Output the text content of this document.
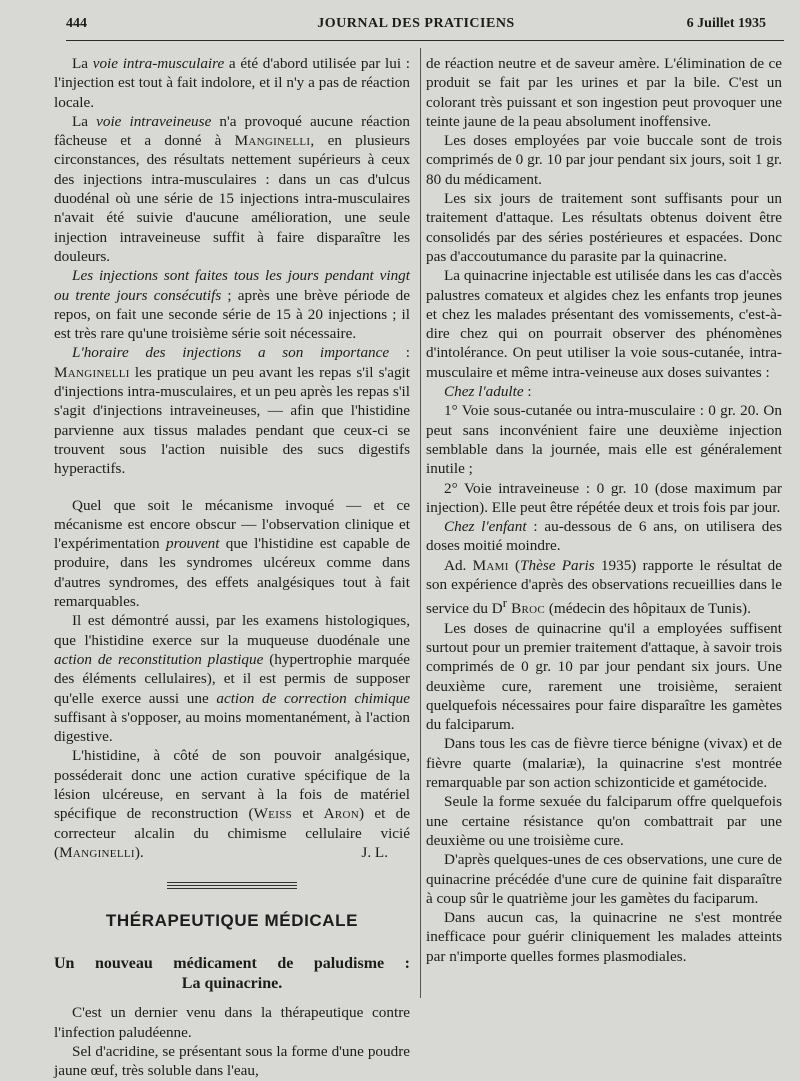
444	JOURNAL DES PRATICIENS	6 Juillet 1935

La voie intra-musculaire a été d'abord utilisée par lui : l'injection est tout à fait indolore, et il n'y a pas de réaction locale.

La voie intraveineuse n'a provoqué aucune réaction fâcheuse et a donné à Manginelli, en plusieurs circonstances, des résultats nettement supérieurs à ceux des injections intra-musculaires : dans un cas d'ulcus duodénal où une série de 15 injections intra-musculaires n'avait été suivie d'aucune amélioration, une seule injection intraveineuse suffit à faire disparaître les douleurs.

Les injections sont faites tous les jours pendant vingt ou trente jours consécutifs ; après une brève période de repos, on fait une seconde série de 15 à 20 injections ; il est très rare qu'une troisième série soit nécessaire.

L'horaire des injections a son importance : Manginelli les pratique un peu avant les repas s'il s'agit d'injections intra-musculaires, et un peu après les repas s'il s'agit d'injections intraveineuses, — afin que l'histidine parvienne aux tissus malades pendant que ceux-ci se trouvent sous l'action nuisible des sucs digestifs hyperactifs.

Quel que soit le mécanisme invoqué — et ce mécanisme est encore obscur — l'observation clinique et l'expérimentation prouvent que l'histidine est capable de produire, dans les syndromes ulcéreux comme dans d'autres syndromes, des effets analgésiques tout à fait remarquables.

Il est démontré aussi, par les examens histologiques, que l'histidine exerce sur la muqueuse duodénale une action de reconstitution plastique (hypertrophie marquée des éléments cellulaires), et il est permis de supposer qu'elle exerce aussi une action de correction chimique suffisant à s'opposer, au moins momentanément, à l'action digestive.

L'histidine, à côté de son pouvoir analgésique, posséderait donc une action curative spécifique de la lésion ulcéreuse, en servant à la fois de matériel spécifique de reconstruction (Weiss et Aron) et de correcteur alcalin du chimisme cellulaire vicié (Manginelli).	J. L.

THÉRAPEUTIQUE MÉDICALE
Un nouveau médicament de paludisme :
La quinacrine.

C'est un dernier venu dans la thérapeutique contre l'infection paludéenne.

Sel d'acridine, se présentant sous la forme d'une poudre jaune œuf, très soluble dans l'eau,

de réaction neutre et de saveur amère. L'élimination de ce produit se fait par les urines et par la bile. C'est un colorant très puissant et son ingestion peut provoquer une teinte jaune de la peau absolument inoffensive.

Les doses employées par voie buccale sont de trois comprimés de 0 gr. 10 par jour pendant six jours, soit 1 gr. 80 du médicament.

Les six jours de traitement sont suffisants pour un traitement d'attaque. Les résultats obtenus doivent être consolidés par des séries postérieures et espacées. Donc pas d'accoutumance du parasite par la quinacrine.

La quinacrine injectable est utilisée dans les cas d'accès palustres comateux et algides chez les enfants trop jeunes et chez les malades présentant des vomissements, c'est-à-dire chez qui on pourrait observer des phénomènes d'intolérance. On peut utiliser la voie sous-cutanée, intra-musculaire et même intra-veineuse aux doses suivantes :

Chez l'adulte :

1° Voie sous-cutanée ou intra-musculaire : 0 gr. 20. On peut sans inconvénient faire une deuxième injection semblable dans la journée, mais elle est généralement inutile ;

2° Voie intraveineuse : 0 gr. 10 (dose maximum par injection). Elle peut être répétée deux et trois fois par jour.

Chez l'enfant : au-dessous de 6 ans, on utilisera des doses moitié moindre.

Ad. Mami (Thèse Paris 1935) rapporte le résultat de son expérience d'après des observations recueillies dans le service du $D^r$ Broc (médecin des hôpitaux de Tunis).

Les doses de quinacrine qu'il a employées suffisent surtout pour un premier traitement d'attaque, à savoir trois comprimés de 0 gr. 10 par jour pendant six jours. Une deuxième cure, rarement une troisième, seraient quelquefois nécessaires pour faire disparaître les gamètes du falciparum.

Dans tous les cas de fièvre tierce bénigne (vivax) et de fièvre quarte (malariæ), la quinacrine s'est montrée remarquable par son action schizonticide et gamétocide.

Seule la forme sexuée du falciparum offre quelquefois une certaine résistance qu'on combattrait par une deuxième ou une troisième cure.

D'après quelques-unes de ces observations, une cure de quinacrine précédée d'une cure de quinine fait disparaître à coup sûr le quatrième jour les gamètes du faciparum.

Dans aucun cas, la quinacrine ne s'est montrée inefficace pour guérir cliniquement les malades atteints par n'importe quelles formes plasmodiales.
